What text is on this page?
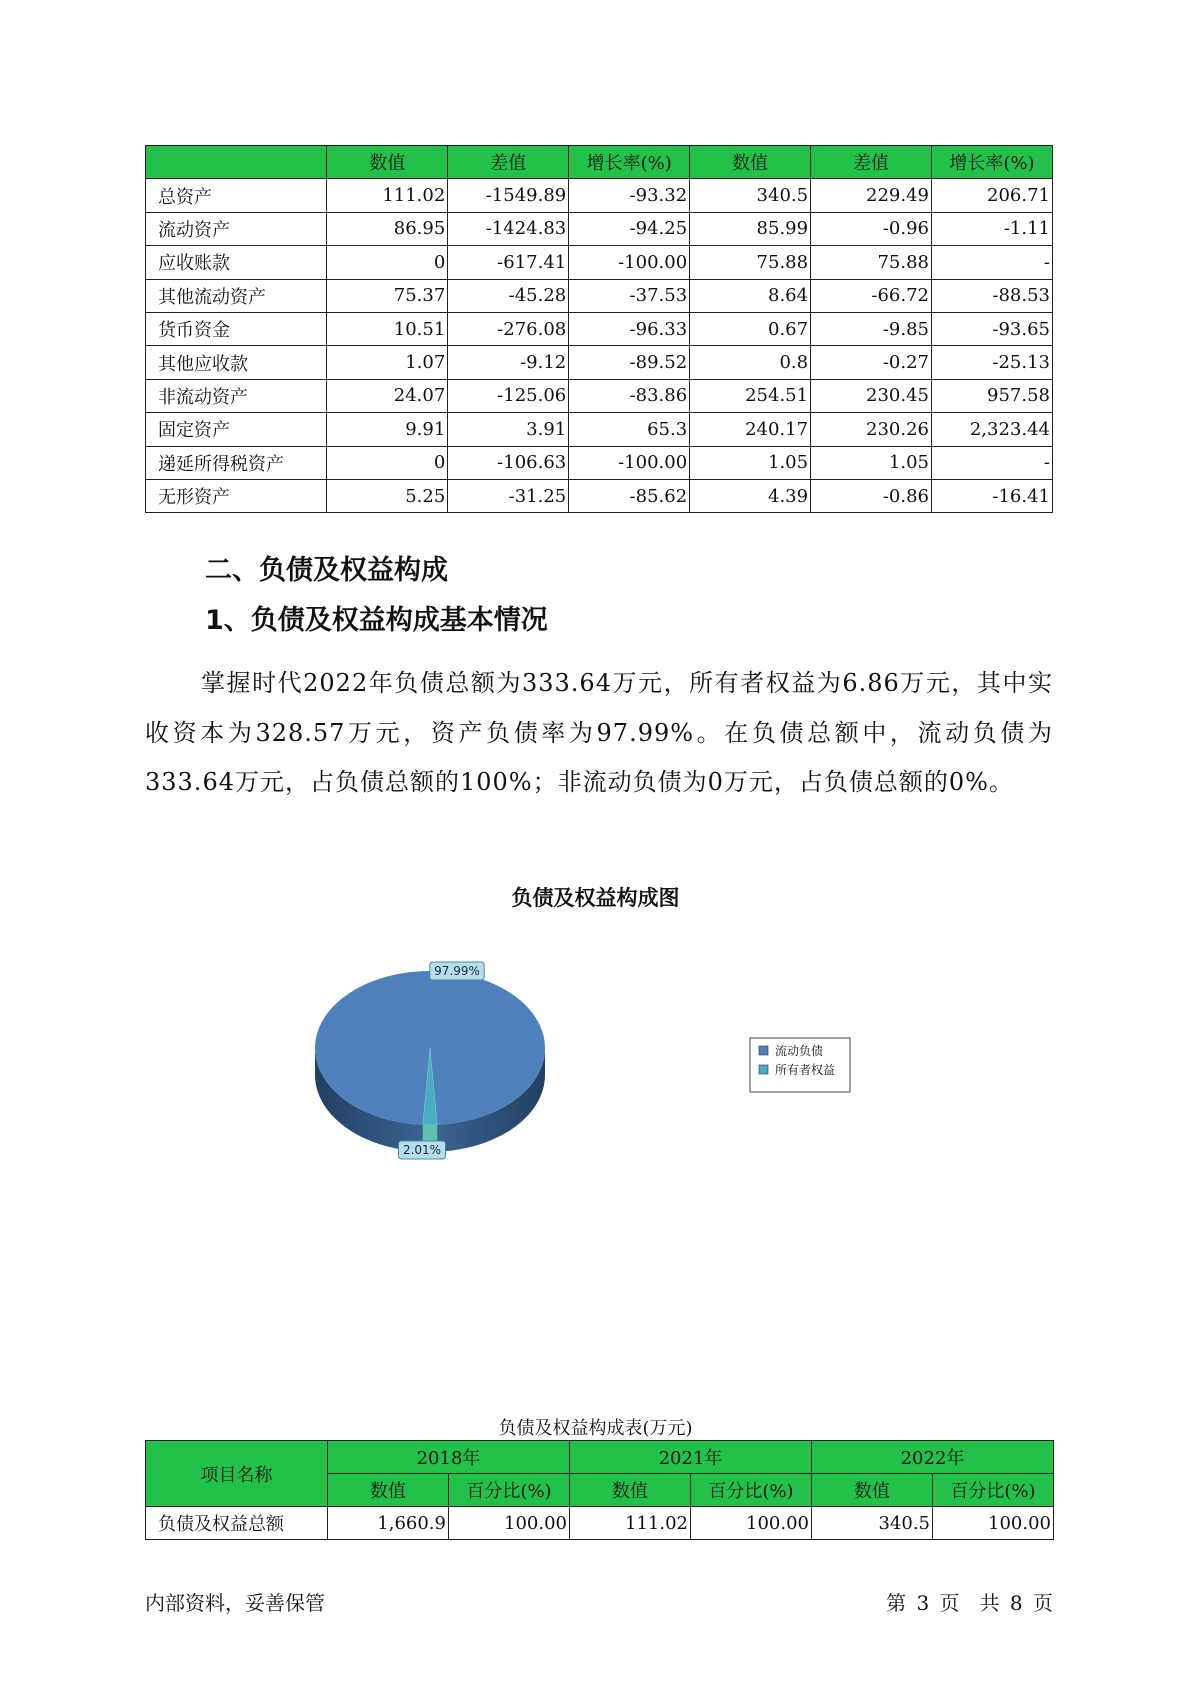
	数值	差值	增长率(%)	数值	差值	增长率(%)
总资产	111.02	-1549.89	-93.32	340.5	229.49	206.71
流动资产	86.95	-1424.83	-94.25	85.99	-0.96	-1.11
应收账款	0	-617.41	-100.00	75.88	75.88	-
其他流动资产	75.37	-45.28	-37.53	8.64	-66.72	-88.53
货币资金	10.51	-276.08	-96.33	0.67	-9.85	-93.65
其他应收款	1.07	-9.12	-89.52	0.8	-0.27	-25.13
非流动资产	24.07	-125.06	-83.86	254.51	230.45	957.58
固定资产	9.91	3.91	65.3	240.17	230.26	2,323.44
递延所得税资产	0	-106.63	-100.00	1.05	1.05	-
无形资产	5.25	-31.25	-85.62	4.39	-0.86	-16.41
二、负债及权益构成
1、负债及权益构成基本情况

掌握时代2022年负债总额为333.64万元，所有者权益为6.86万元，其中实收资本为328.57万元，资产负债率为97.99%。在负债总额中，流动负债为333.64万元，占负债总额的100%；非流动负债为0万元，占负债总额的0%。

负债及权益构成图
97.99%
2.01%
流动负债
所有者权益
负债及权益构成表(万元)
项目名称	2018年		2021年		2022年	
	数值	百分比(%)	数值	百分比(%)	数值	百分比(%)
负债及权益总额	1,660.9	100.00	111.02	100.00	340.5	100.00
内部资料，妥善保管	第 3 页　共 8 页
